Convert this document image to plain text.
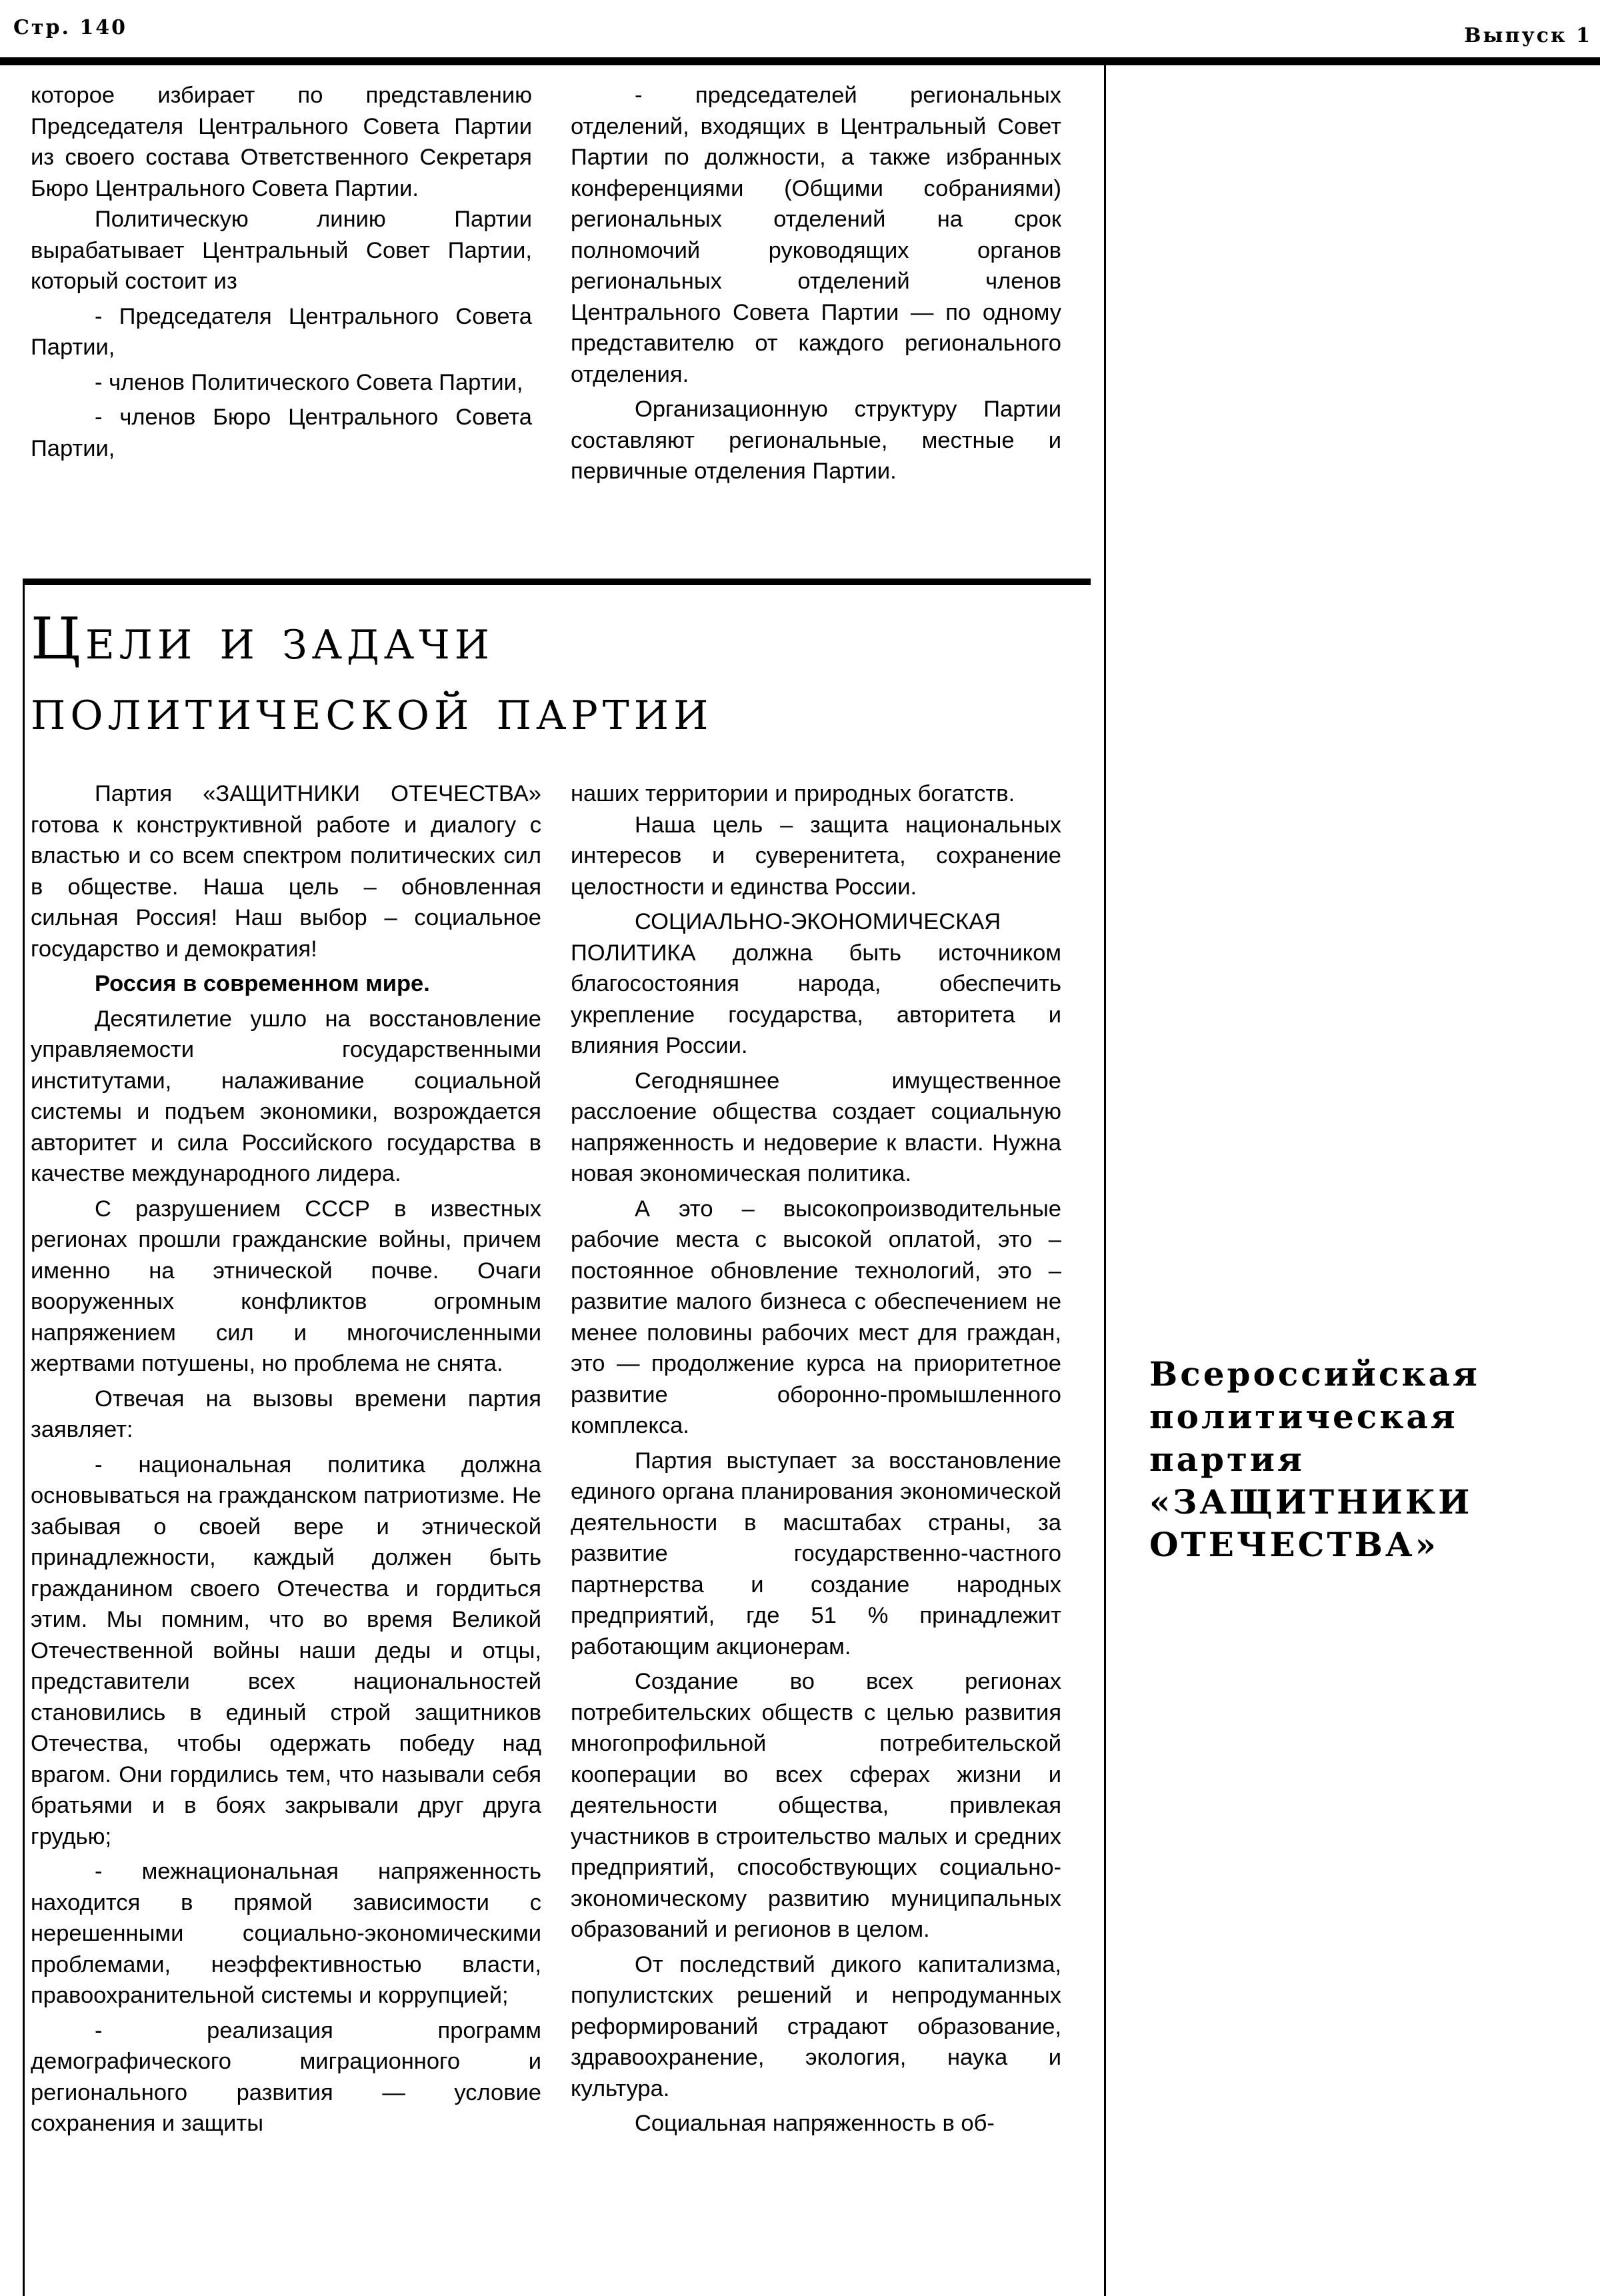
Стр. 140	Выпуск 1

которое избирает по представлению Председателя Центрального Совета Партии из своего состава Ответственного Секретаря Бюро Центрального Совета Партии.

Политическую линию Партии вырабатывает Центральный Совет Партии, который состоит из

- Председателя Центрального Совета Партии,

- членов Политического Совета Партии,

- членов Бюро Центрального Совета Партии,

- председателей региональных отделений, входящих в Центральный Совет Партии по должности, а также избранных конференциями (Общими собраниями) региональных отделений на срок полномочий руководящих органов региональных отделений членов Центрального Совета Партии — по одному представителю от каждого регионального отделения.

Организационную структуру Партии составляют региональные, местные и первичные отделения Партии.

Цели и задачи
политической партии

Партия «ЗАЩИТНИКИ ОТЕЧЕСТВА» готова к конструктивной работе и диалогу с властью и со всем спектром политических сил в обществе. Наша цель – обновленная сильная Россия! Наш выбор – социальное государство и демократия!

Россия в современном мире.

Десятилетие ушло на восстановление управляемости государственными институтами, налаживание социальной системы и подъем экономики, возрождается авторитет и сила Российского государства в качестве международного лидера.

С разрушением СССР в известных регионах прошли гражданские войны, причем именно на этнической почве. Очаги вооруженных конфликтов огромным напряжением сил и многочисленными жертвами потушены, но проблема не снята.

Отвечая на вызовы времени партия заявляет:

- национальная политика должна основываться на гражданском патриотизме. Не забывая о своей вере и этнической принадлежности, каждый должен быть гражданином своего Отечества и гордиться этим. Мы помним, что во время Великой Отечественной войны наши деды и отцы, представители всех национальностей становились в единый строй защитников Отечества, чтобы одержать победу над врагом. Они гордились тем, что называли себя братьями и в боях закрывали друг друга грудью;

- межнациональная напряженность находится в прямой зависимости с нерешенными социально-экономическими проблемами, неэффективностью власти, правоохранительной системы и коррупцией;

- реализация программ демографического миграционного и регионального развития — условие сохранения и защиты

наших территории и природных богатств.

Наша цель – защита национальных интересов и суверенитета, сохранение целостности и единства России.

СОЦИАЛЬНО-ЭКОНОМИЧЕСКАЯ ПОЛИТИКА должна быть источником благосостояния народа, обеспечить укрепление государства, авторитета и влияния России.

Сегодняшнее имущественное расслоение общества создает социальную напряженность и недоверие к власти. Нужна новая экономическая политика.

А это – высокопроизводительные рабочие места с высокой оплатой, это – постоянное обновление технологий, это – развитие малого бизнеса с обеспечением не менее половины рабочих мест для граждан, это — продолжение курса на приоритетное развитие оборонно-промышленного комплекса.

Партия выступает за восстановление единого органа планирования экономической деятельности в масштабах страны, за развитие государственно-частного партнерства и создание народных предприятий, где 51 % принадлежит работающим акционерам.

Создание во всех регионах потребительских обществ с целью развития многопрофильной потребительской кооперации во всех сферах жизни и деятельности общества, привлекая участников в строительство малых и средних предприятий, способствующих социально-экономическому развитию муниципальных образований и регионов в целом.

От последствий дикого капитализма, популистских решений и непродуманных реформирований страдают образование, здравоохранение, экология, наука и культура.

Социальная напряженность в об-

Всероссийская
политическая
партия
«ЗАЩИТНИКИ
ОТЕЧЕСТВА»
